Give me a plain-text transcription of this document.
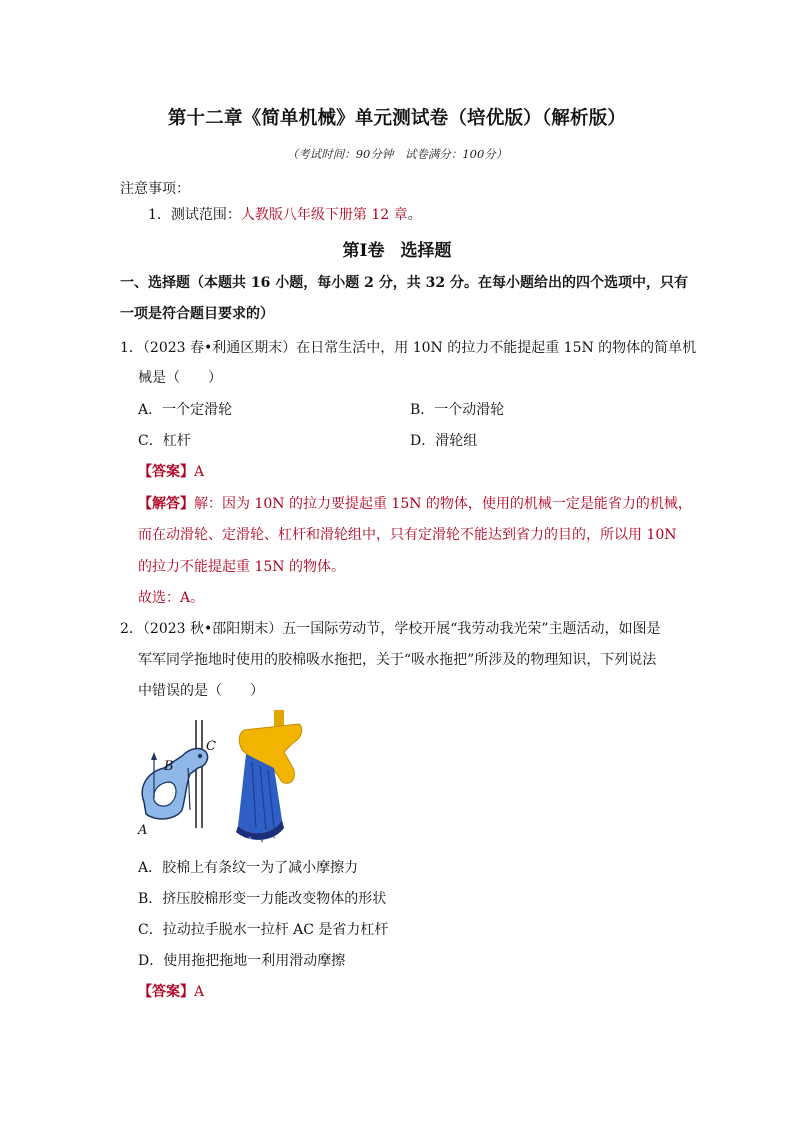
第十二章《简单机械》单元测试卷（培优版）（解析版）
（考试时间：90分钟　试卷满分：100分）
注意事项：
1．测试范围：人教版八年级下册第 12 章。
第Ⅰ卷 选择题
一、选择题（本题共 16 小题，每小题 2 分，共 32 分。在每小题给出的四个选项中，只有
一项是符合题目要求的）
1．（2023 春•利通区期末）在日常生活中，用 10N 的拉力不能提起重 15N 的物体的简单机
械是（　　）
A．一个定滑轮	B．一个动滑轮
C．杠杆	D．滑轮组
【答案】A
【解答】解：因为 10N 的拉力要提起重 15N 的物体，使用的机械一定是能省力的机械，
而在动滑轮、定滑轮、杠杆和滑轮组中，只有定滑轮不能达到省力的目的，所以用 10N
的拉力不能提起重 15N 的物体。
故选：A。
2．（2023 秋•邵阳期末）五一国际劳动节，学校开展“我劳动我光荣”主题活动，如图是
军军同学拖地时使用的胶棉吸水拖把，关于“吸水拖把”所涉及的物理知识，下列说法
中错误的是（　　）
A
B
C
A．胶棉上有条纹一为了减小摩擦力
B．挤压胶棉形变一力能改变物体的形状
C．拉动拉手脱水一拉杆 AC 是省力杠杆
D．使用拖把拖地一利用滑动摩擦
【答案】A
